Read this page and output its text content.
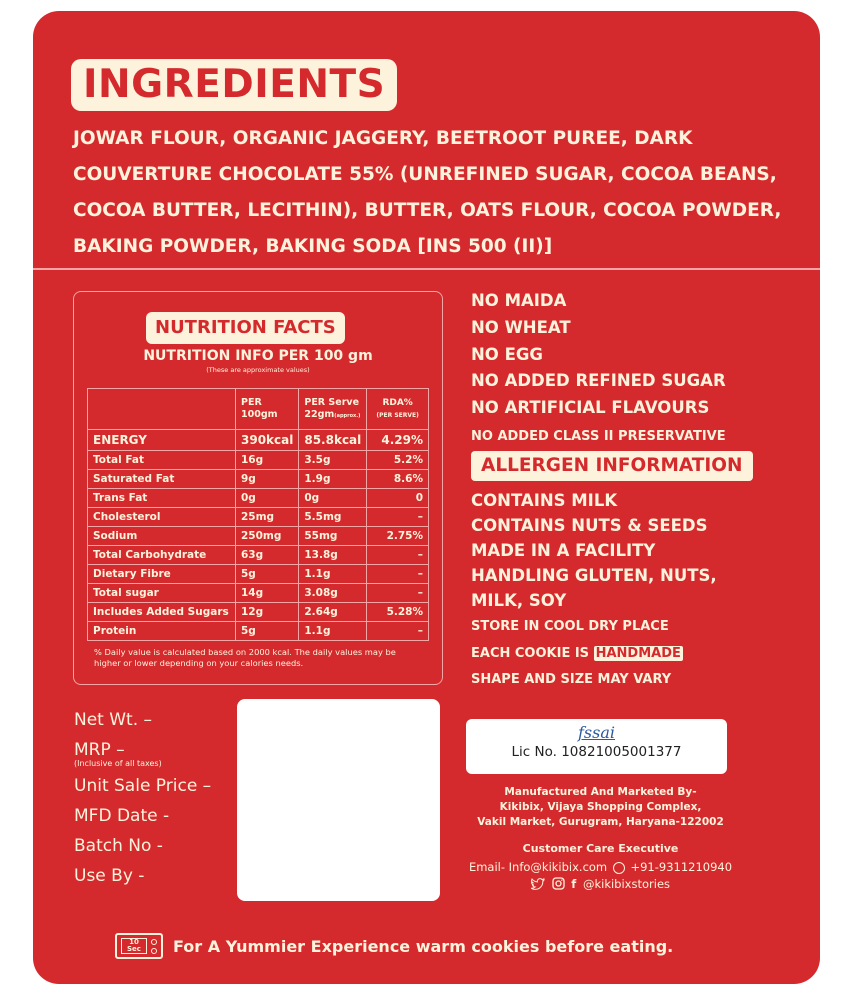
INGREDIENTS
JOWAR FLOUR, ORGANIC JAGGERY, BEETROOT PUREE, DARK COUVERTURE CHOCOLATE 55% (UNREFINED SUGAR, COCOA BEANS, COCOA BUTTER, LECITHIN), BUTTER, OATS FLOUR, COCOA POWDER, BAKING POWDER, BAKING SODA [INS 500 (II)]
NUTRITION FACTS
NUTRITION INFO PER 100 gm
(These are approximate values)
	PER 100gm	PER Serve 22gm(approx.)	RDA%
(PER SERVE)
ENERGY	390kcal	85.8kcal	4.29%
Total Fat	16g	3.5g	5.2%
Saturated Fat	9g	1.9g	8.6%
Trans Fat	0g	0g	0
Cholesterol	25mg	5.5mg	–
Sodium	250mg	55mg	2.75%
Total Carbohydrate	63g	13.8g	–
Dietary Fibre	5g	1.1g	–
Total sugar	14g	3.08g	–
Includes Added Sugars	12g	2.64g	5.28%
Protein	5g	1.1g	–
% Daily value is calculated based on 2000 kcal. The daily values may be higher or lower depending on your calories needs.
NO MAIDA
NO WHEAT
NO EGG
NO ADDED REFINED SUGAR
NO ARTIFICIAL FLAVOURS
NO ADDED CLASS II PRESERVATIVE
ALLERGEN INFORMATION
CONTAINS MILK
CONTAINS NUTS & SEEDS
MADE IN A FACILITY
HANDLING GLUTEN, NUTS,
MILK, SOY
STORE IN COOL DRY PLACE
EACH COOKIE IS HANDMADE
SHAPE AND SIZE MAY VARY
Net Wt. –
MRP –
(Inclusive of all taxes)
Unit Sale Price –
MFD Date -
Batch No -
Use By -
fssai
Lic No. 10821005001377
Manufactured And Marketed By-
Kikibix, Vijaya Shopping Complex,
Vakil Market, Gurugram, Haryana-122002
Customer Care Executive
Email- Info@kikibix.com +91-9311210940
f @kikibixstories
10 Sec	For A Yummier Experience warm cookies before eating.
